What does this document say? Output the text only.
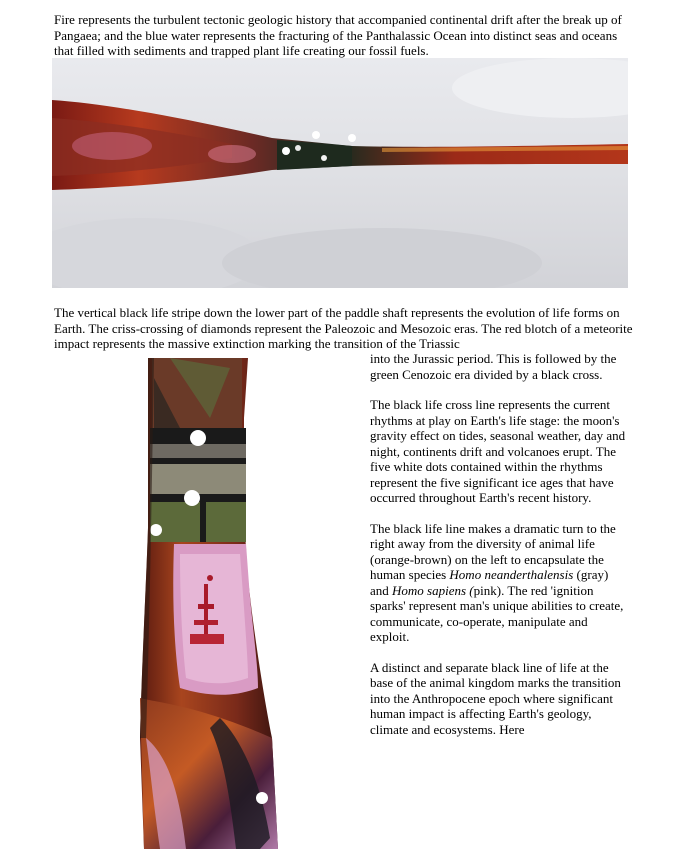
Fire represents the turbulent tectonic geologic history that accompanied continental drift after the break up of Pangaea; and the blue water represents the fracturing of the Panthalassic Ocean into distinct seas and oceans that filled with sediments and trapped plant life creating our fossil fuels.

The vertical black life stripe down the lower part of the paddle shaft represents the evolution of life forms on Earth. The criss-crossing of diamonds represent the Paleozoic and Mesozoic eras. The red blotch of a meteorite impact represents the massive extinction marking the transition of the Triassic

into the Jurassic period. This is followed by the green Cenozoic era divided by a black cross.

The black life cross line represents the current rhythms at play on Earth's life stage: the moon's gravity effect on tides, seasonal weather, day and night, continents drift and volcanoes erupt. The five white dots contained within the rhythms represent the five significant ice ages that have occurred throughout Earth's recent history.

The black life line makes a dramatic turn to the right away from the diversity of animal life (orange-brown) on the left to encapsulate the human species Homo neanderthalensis (gray) and Homo sapiens (pink). The red 'ignition sparks' represent man's unique abilities to create, communicate, co-operate, manipulate and exploit.

A distinct and separate black line of life at the base of the animal kingdom marks the transition into the Anthropocene epoch where significant human impact is affecting Earth's geology, climate and ecosystems. Here
